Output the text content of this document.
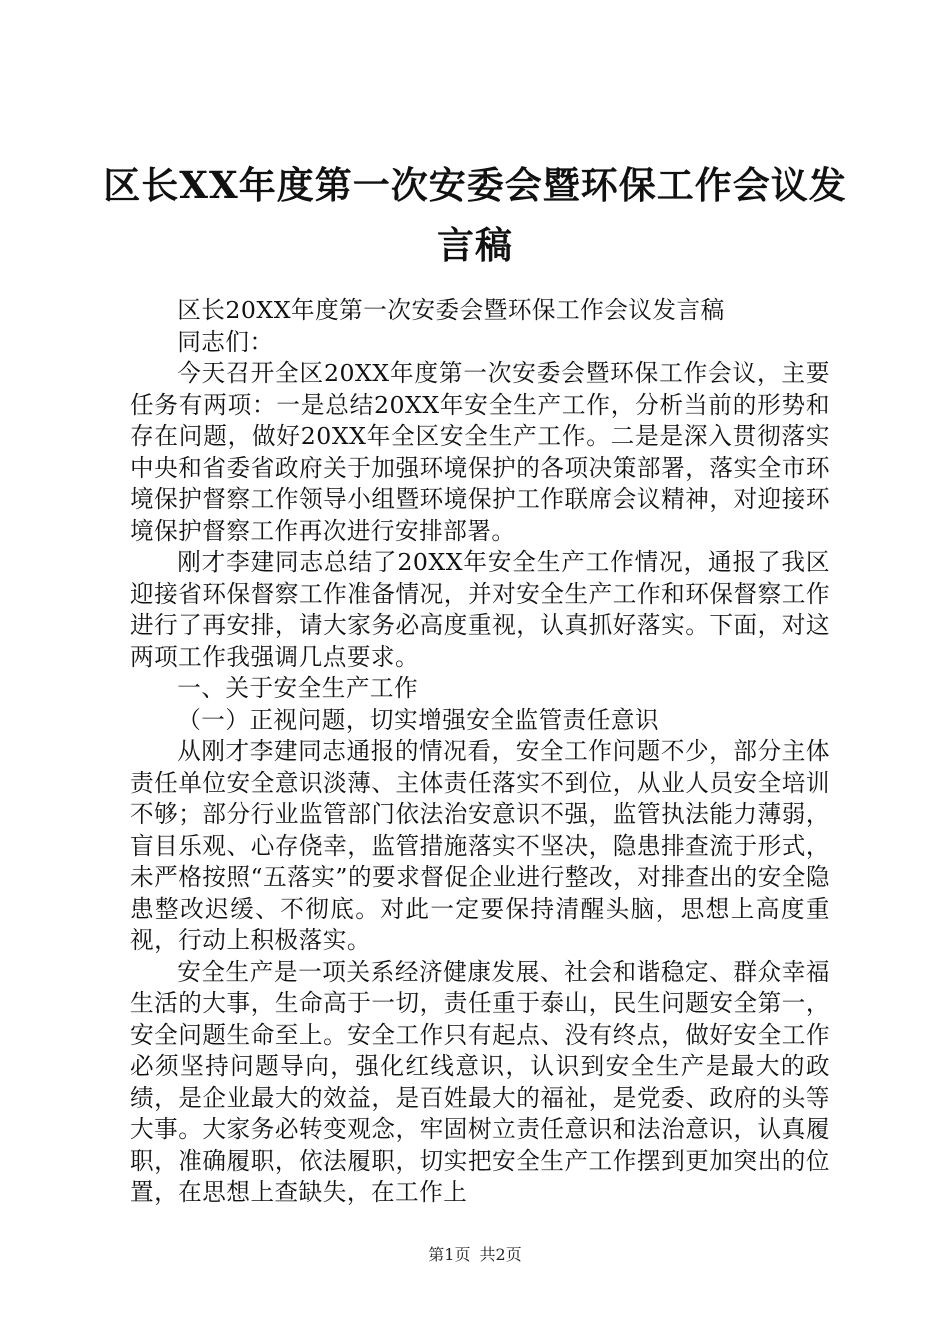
区长XX年度第一次安委会暨环保工作会议发言稿

区长20XX年度第一次安委会暨环保工作会议发言稿

同志们：

今天召开全区20XX年度第一次安委会暨环保工作会议，主要任务有两项：一是总结20XX年安全生产工作，分析当前的形势和存在问题，做好20XX年全区安全生产工作。二是是深入贯彻落实中央和省委省政府关于加强环境保护的各项决策部署，落实全市环境保护督察工作领导小组暨环境保护工作联席会议精神，对迎接环境保护督察工作再次进行安排部署。

刚才李建同志总结了20XX年安全生产工作情况，通报了我区迎接省环保督察工作准备情况，并对安全生产工作和环保督察工作进行了再安排，请大家务必高度重视，认真抓好落实。下面，对这两项工作我强调几点要求。

一、关于安全生产工作

（一）正视问题，切实增强安全监管责任意识

从刚才李建同志通报的情况看，安全工作问题不少，部分主体责任单位安全意识淡薄、主体责任落实不到位，从业人员安全培训不够；部分行业监管部门依法治安意识不强，监管执法能力薄弱，盲目乐观、心存侥幸，监管措施落实不坚决，隐患排查流于形式，未严格按照“五落实”的要求督促企业进行整改，对排查出的安全隐患整改迟缓、不彻底。对此一定要保持清醒头脑，思想上高度重视，行动上积极落实。

安全生产是一项关系经济健康发展、社会和谐稳定、群众幸福生活的大事，生命高于一切，责任重于泰山，民生问题安全第一，安全问题生命至上。安全工作只有起点、没有终点，做好安全工作必须坚持问题导向，强化红线意识，认识到安全生产是最大的政绩，是企业最大的效益，是百姓最大的福祉，是党委、政府的头等大事。大家务必转变观念，牢固树立责任意识和法治意识，认真履职，准确履职，依法履职，切实把安全生产工作摆到更加突出的位置，在思想上查缺失，在工作上

第1页 共2页
